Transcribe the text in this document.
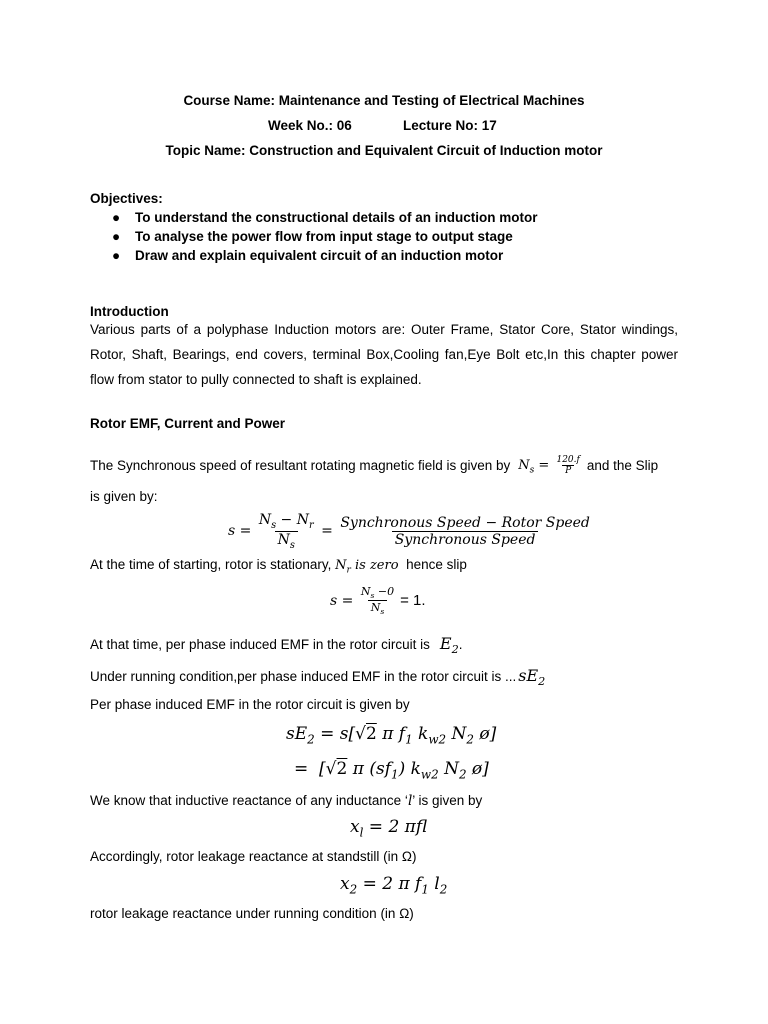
Course Name: Maintenance and Testing of Electrical Machines
Week No.: 06	Lecture No: 17
Topic Name: Construction and Equivalent Circuit of Induction motor
Objectives:
● To understand the constructional details of an induction motor
● To analyse the power flow from input stage to output stage
● Draw and explain equivalent circuit of an induction motor
Introduction
Various parts of a polyphase Induction motors are: Outer Frame, Stator Core, Stator windings, Rotor, Shaft, Bearings, end covers, terminal Box,Cooling fan,Eye Bolt etc,In this chapter power flow from stator to pully connected to shaft is explained.
Rotor EMF, Current and Power
The Synchronous speed of resultant rotating magnetic field is given by $N_s = \frac{120.f}{P}$ and the Slip
is given by:
$s = \frac{N_s - N_r}{N_s} = \frac{\text{Synchronous Speed − Rotor Speed}}{\text{Synchronous Speed}}$
At the time of starting, rotor is stationary, $N_r$ is zero hence slip
$s = \frac{N_s -0}{N_s} = 1$.
At that time, per phase induced EMF in the rotor circuit is $E_2$ .
Under running condition,per phase induced EMF in the rotor circuit is ... $sE_2$
Per phase induced EMF in the rotor circuit is given by
$sE_2 = s[√2$ π $f_1$ $k_{w2}$ $N_2$ ø]
=  [√2 π $(sf_1)$ $k_{w2}$ $N_2$ ø]
We know that inductive reactance of any inductance ‘l’ is given by
$x_l = 2$ πfl
Accordingly, rotor leakage reactance at standstill (in Ω)
$x_2 = 2$ π $f_1$ $l_2$
rotor leakage reactance under running condition (in Ω)
